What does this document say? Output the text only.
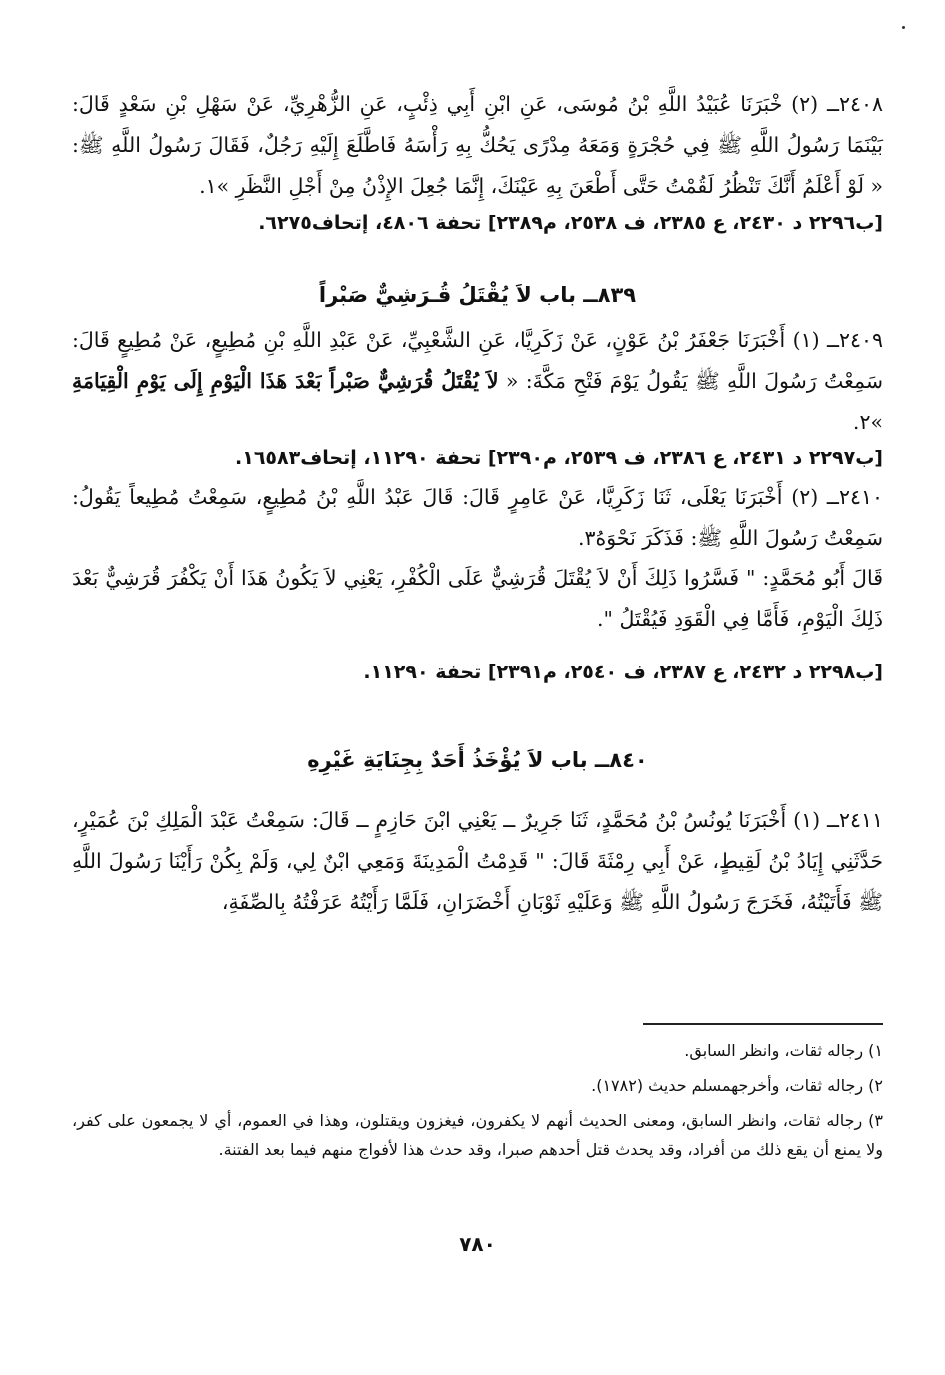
٢٤٠٨ــ (٢) خْبَرَنَا عُبَيْدُ اللَّهِ بْنُ مُوسَى، عَنِ ابْنِ أَبِي ذِئْبٍ، عَنِ الزُّهْرِيِّ، عَنْ سَهْلِ بْنِ سَعْدٍ قَالَ: بَيْنَمَا رَسُولُ اللَّهِ ﷺ فِي حُجْرَةٍ وَمَعَهُ مِدْرًى يَحُكُّ بِهِ رَأْسَهُ فَاطَّلَعَ إِلَيْهِ رَجُلٌ، فَقَالَ رَسُولُ اللَّهِ ﷺ: « لَوْ أَعْلَمُ أَنَّكَ تَنْظُرُ لَقُمْتُ حَتَّى أَطْعَنَ بِهِ عَيْنَكَ، إِنَّمَا جُعِلَ الإِذْنُ مِنْ أَجْلِ النَّظَرِ »١.

[ب٢٢٩٦ د ٢٤٣٠، ع ٢٣٨٥، ف ٢٥٣٨، م٢٣٨٩] تحفة ٤٨٠٦، إتحاف٦٢٧٥.

٨٣٩ــ باب لاَ يُقْتَلُ قُـرَشِيٌّ صَبْراً

٢٤٠٩ــ (١) أَخْبَرَنَا جَعْفَرُ بْنُ عَوْنٍ، عَنْ زَكَرِيَّا، عَنِ الشَّعْبِيِّ، عَنْ عَبْدِ اللَّهِ بْنِ مُطِيعٍ، عَنْ مُطِيعٍ قَالَ: سَمِعْتُ رَسُولَ اللَّهِ ﷺ يَقُولُ يَوْمَ فَتْحِ مَكَّةَ: « لاَ يُقْتَلُ قُرَشِيٌّ صَبْراً بَعْدَ هَذَا الْيَوْمِ إِلَى يَوْمِ الْقِيَامَةِ »٢.

[ب٢٢٩٧ د ٢٤٣١، ع ٢٣٨٦، ف ٢٥٣٩، م٢٣٩٠] تحفة ١١٢٩٠، إتحاف١٦٥٨٣.

٢٤١٠ــ (٢) أَخْبَرَنَا يَعْلَى، ثَنَا زَكَرِيَّا، عَنْ عَامِرٍ قَالَ: قَالَ عَبْدُ اللَّهِ بْنُ مُطِيعٍ، سَمِعْتُ مُطِيعاً يَقُولُ: سَمِعْتُ رَسُولَ اللَّهِ ﷺ: فَذَكَرَ نَحْوَهُ٣.

قَالَ أَبُو مُحَمَّدٍ: " فَسَّرُوا ذَلِكَ أَنْ لاَ يُقْتَلَ قُرَشِيٌّ عَلَى الْكُفْرِ، يَعْنِي لاَ يَكُونُ هَذَا أَنْ يَكْفُرَ قُرَشِيٌّ بَعْدَ ذَلِكَ الْيَوْمِ، فَأَمَّا فِي الْقَوَدِ فَيُقْتَلُ ".

[ب٢٢٩٨ د ٢٤٣٢، ع ٢٣٨٧، ف ٢٥٤٠، م٢٣٩١] تحفة ١١٢٩٠.

٨٤٠ــ باب لاَ يُؤْخَذُ أَحَدٌ بِجِنَايَةِ غَيْرِهِ

٢٤١١ــ (١) أَخْبَرَنَا يُونُسُ بْنُ مُحَمَّدٍ، ثَنَا جَرِيرٌ ــ يَعْنِي ابْنَ حَازِمٍ ــ قَالَ: سَمِعْتُ عَبْدَ الْمَلِكِ بْنَ عُمَيْرٍ، حَدَّثَنِي إِيَادُ بْنُ لَقِيطٍ، عَنْ أَبِي رِمْثَةَ قَالَ: " قَدِمْتُ الْمَدِينَةَ وَمَعِي ابْنٌ لِي، وَلَمْ بِكُنْ رَأَيْنَا رَسُولَ اللَّهِ ﷺ فَأَتَيْتُهُ، فَخَرَجَ رَسُولُ اللَّهِ ﷺ وَعَلَيْهِ ثَوْبَانِ أَخْضَرَانِ، فَلَمَّا رَأَيْتُهُ عَرَفْتُهُ بِالصِّفَةِ،

١) رجاله ثقات، وانظر السابق.

٢) رجاله ثقات، وأخرجهمسلم حديث (١٧٨٢).

٣) رجاله ثقات، وانظر السابق، ومعنى الحديث أنهم لا يكفرون، فيغزون ويقتلون، وهذا في العموم، أي لا يجمعون على كفر، ولا يمنع أن يقع ذلك من أفراد، وقد يحدث قتل أحدهم صبرا، وقد حدث هذا لأفواج منهم فيما بعد الفتنة.

٧٨٠
